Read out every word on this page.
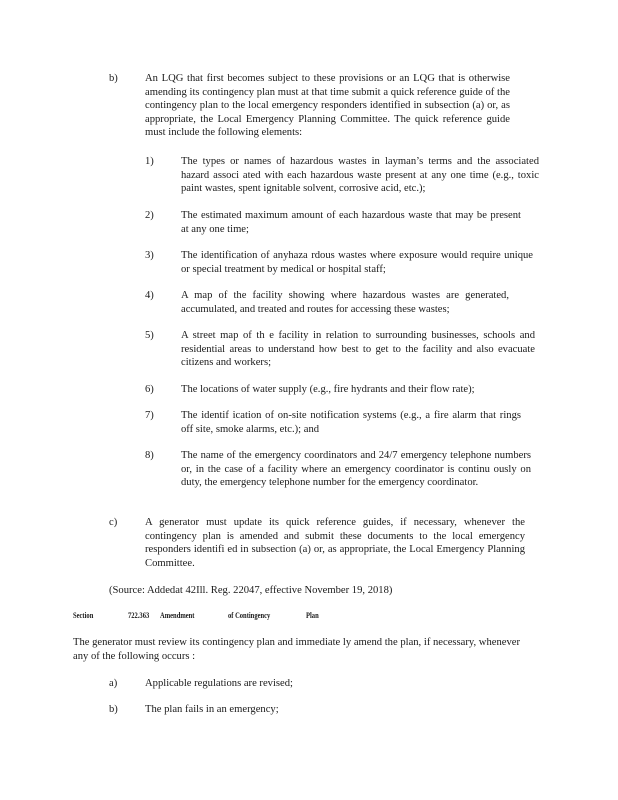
b)	An LQG that first becomes subject to these provisions or an LQG that is otherwise amending its contingency plan must at that time submit a quick reference guide of the contingency plan to the local emergency responders identified in subsection (a) or, as appropriate, the Local Emergency Planning Committee. The quick reference guide must include the following elements:
1)	The types or names of hazardous wastes in layman’s terms and the associated hazard associ ated with each hazardous waste present at any one time (e.g., toxic paint wastes, spent ignitable solvent, corrosive acid, etc.);
2)	The estimated maximum amount of each hazardous waste that may be present at any one time;
3)	The identification of anyhaza rdous wastes where exposure would require unique or special treatment by medical or hospital staff;
4)	A map of the facility showing where hazardous wastes are generated, accumulated, and treated and routes for accessing these wastes;
5)	A street map of th e facility in relation to surrounding businesses, schools and residential areas to understand how best to get to the facility and also evacuate citizens and workers;
6)	The locations of water supply (e.g., fire hydrants and their flow rate);
7)	The identif ication of on-site notification systems (e.g., a fire alarm that rings off site, smoke alarms, etc.); and
8)	The name of the emergency coordinators and 24/7 emergency telephone numbers or, in the case of a facility where an emergency coordinator is continu ously on duty, the emergency telephone number for the emergency coordinator.
c)	A generator must update its quick reference guides, if necessary, whenever the contingency plan is amended and submit these documents to the local emergency responders identifi ed in subsection (a) or, as appropriate, the Local Emergency Planning Committee.
(Source: Addedat 42Ill. Reg. 22047, effective November 19, 2018)
Section	722.363 Amendment	of Contingency	Plan
The generator must review its contingency plan and immediate ly amend the plan, if necessary, whenever any of the following occurs :
a)	Applicable regulations are revised;
b)	The plan fails in an emergency;
